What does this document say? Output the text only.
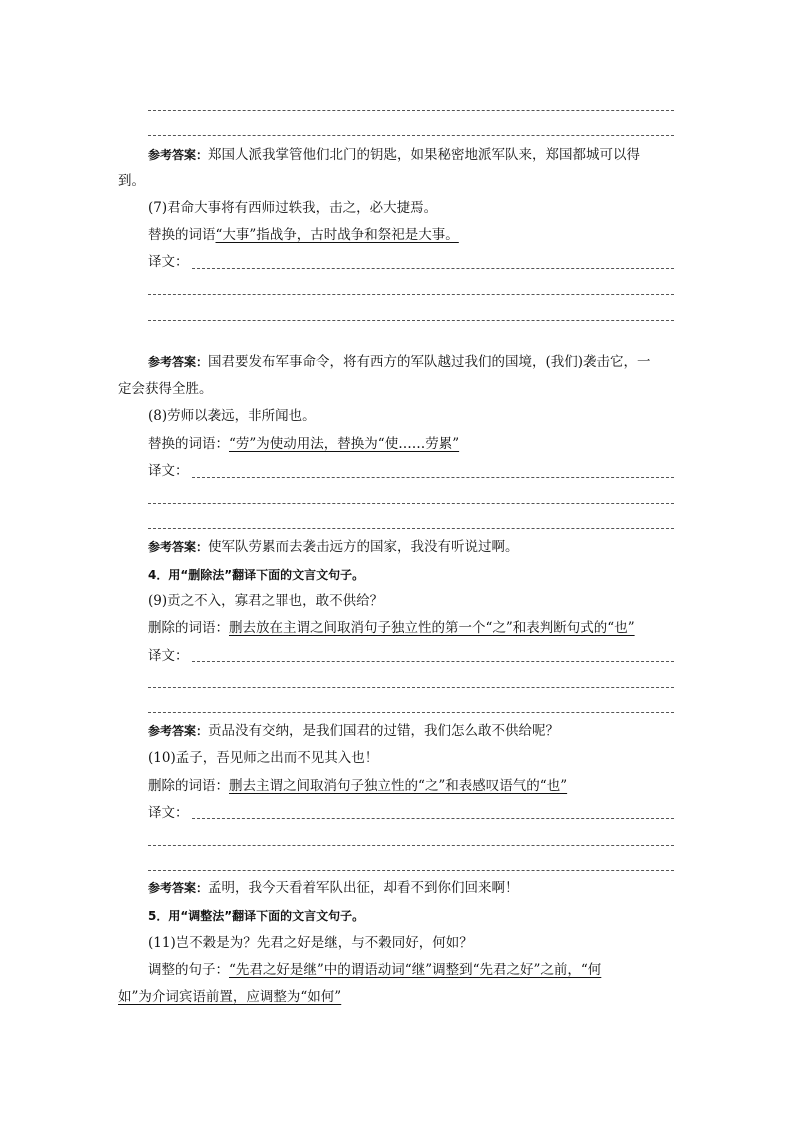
参考答案：郑国人派我掌管他们北门的钥匙，如果秘密地派军队来，郑国都城可以得
到。
(7)君命大事将有西师过轶我，击之，必大捷焉。
替换的词语“大事”指战争，古时战争和祭祀是大事。
译文：
参考答案：国君要发布军事命令，将有西方的军队越过我们的国境，(我们)袭击它，一
定会获得全胜。
(8)劳师以袭远，非所闻也。
替换的词语：“劳”为使动用法，替换为“使……劳累”
译文：
参考答案：使军队劳累而去袭击远方的国家，我没有听说过啊。
4．用“删除法”翻译下面的文言文句子。
(9)贡之不入，寡君之罪也，敢不供给？
删除的词语：删去放在主谓之间取消句子独立性的第一个“之”和表判断句式的“也”
译文：
参考答案：贡品没有交纳，是我们国君的过错，我们怎么敢不供给呢？
(10)孟子，吾见师之出而不见其入也！
删除的词语：删去主谓之间取消句子独立性的“之”和表感叹语气的“也”
译文：
参考答案：孟明，我今天看着军队出征，却看不到你们回来啊！
5．用“调整法”翻译下面的文言文句子。
(11)岂不穀是为？先君之好是继，与不穀同好，何如？
调整的句子：“先君之好是继”中的谓语动词“继”调整到“先君之好”之前，“何
如”为介词宾语前置，应调整为“如何”
